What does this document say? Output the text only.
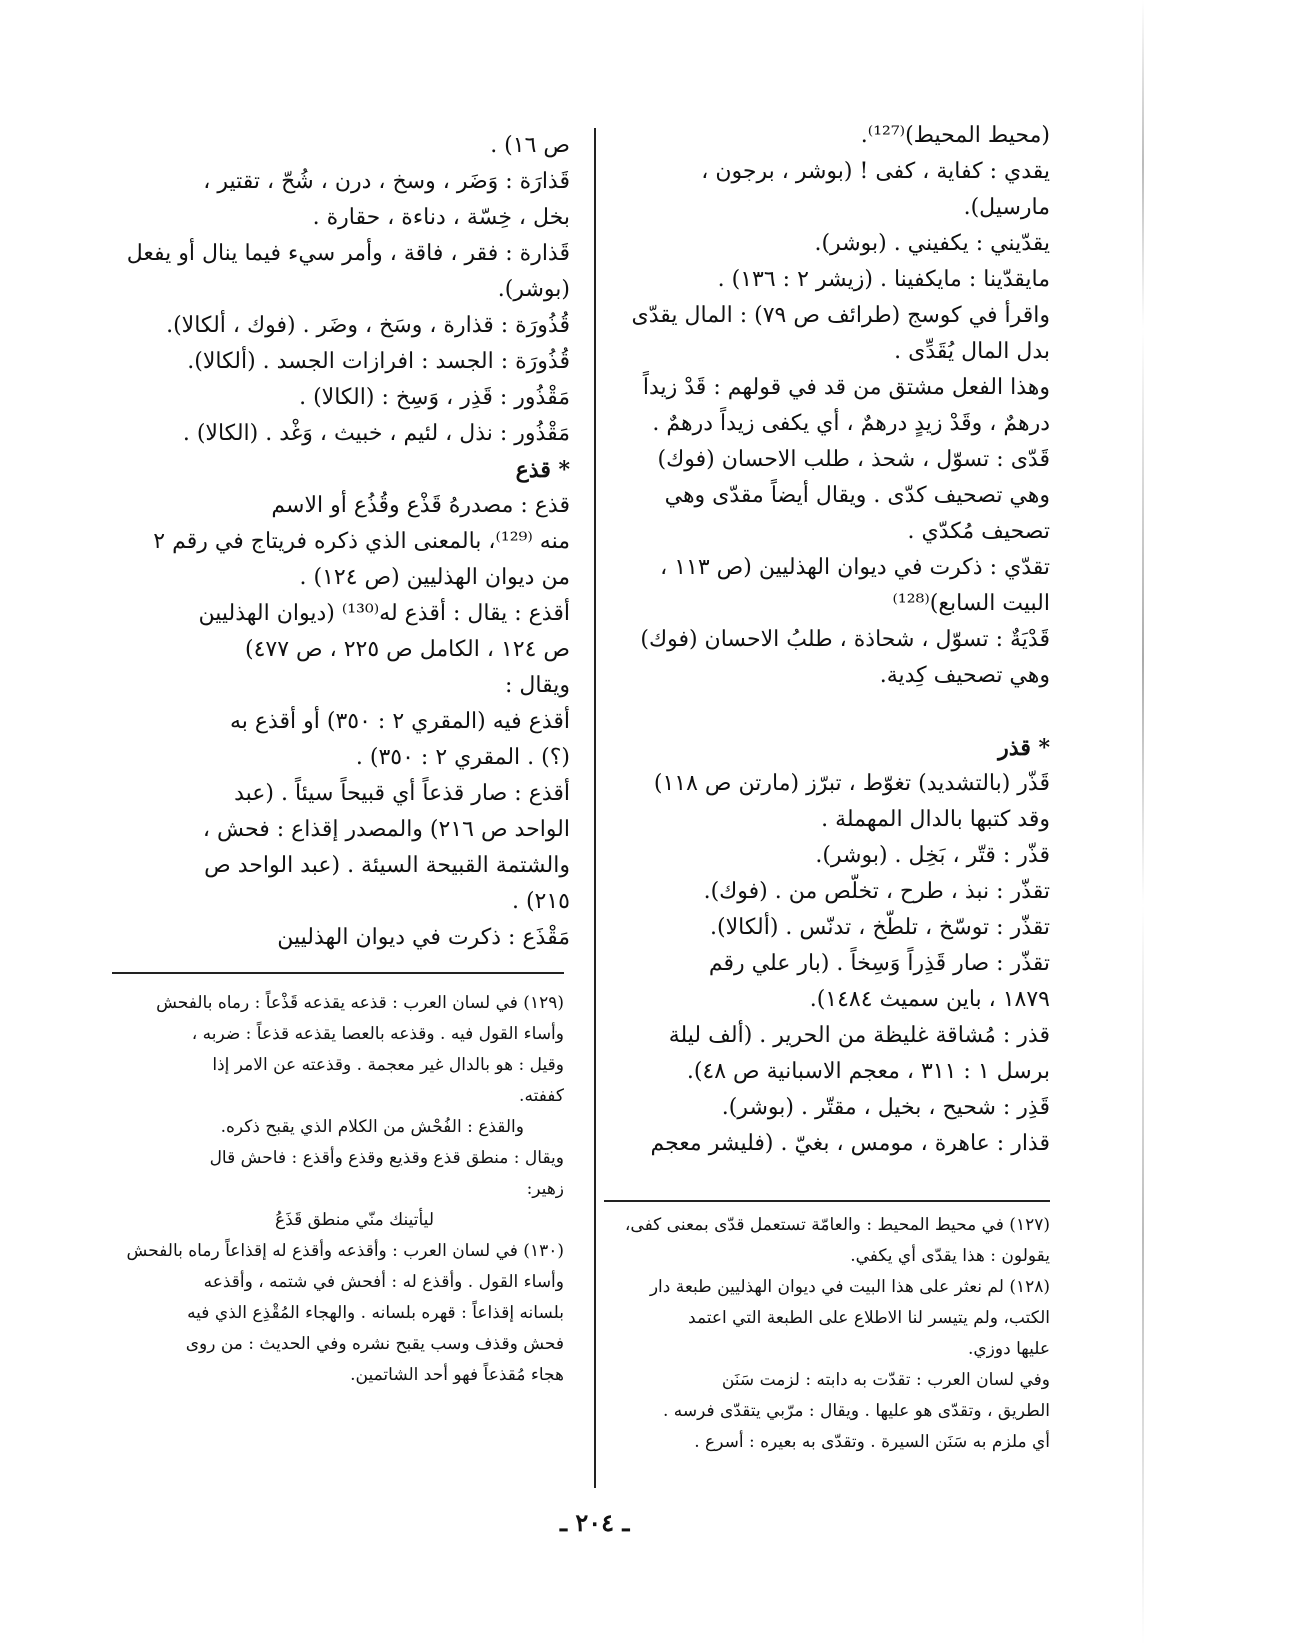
(محيط المحيط)⁽¹²⁷⁾.
يقدي : كفاية ، كفى ! (بوشر ، برجون ،
مارسيل).
يقدّيني : يكفيني . (بوشر).
مايقدّينا : مايكفينا . (زيشر ٢ : ١٣٦) .
واقرأ في كوسج (طرائف ص ٧٩) : المال يقدّى
بدل المال يُقَدِّى .
وهذا الفعل مشتق من قد في قولهم : قَدْ زيداً
درهمٌ ، وقَدْ زيدٍ درهمٌ ، أي يكفى زيداً درهمٌ .
قَدّى : تسوّل ، شحذ ، طلب الاحسان (فوك)
وهي تصحيف كدّى . ويقال أيضاً مقدّى وهي
تصحيف مُكدّي .
تقدّي : ذكرت في ديوان الهذليين (ص ١١٣ ،
البيت السابع)⁽¹²⁸⁾
قَدْيَةٌ : تسوّل ، شحاذة ، طلبُ الاحسان (فوك)
وهي تصحيف كِدية.
* قذر
قَذّر (بالتشديد) تغوّط ، تبرّز (مارتن ص ١١٨)
وقد كتبها بالدال المهملة .
قذّر : قتّر ، بَخِل . (بوشر).
تقذّر : نبذ ، طرح ، تخلّص من . (فوك).
تقذّر : توسّخ ، تلطّخ ، تدنّس . (ألكالا).
تقذّر : صار قَذِراً وَسِخاً . (بار علي رقم
١٨٧٩ ، باين سميث ١٤٨٤).
قذر : مُشاقة غليظة من الحرير . (ألف ليلة
برسل ١ : ٣١١ ، معجم الاسبانية ص ٤٨).
قَذِر : شحيح ، بخيل ، مقتّر . (بوشر).
قذار : عاهرة ، مومس ، بغيّ . (فليشر معجم
ص ١٦) .
قَذارَة : وَضَر ، وسخ ، درن ، شُحّ ، تقتير ،
بخل ، خِسّة ، دناءة ، حقارة .
قَذارة : فقر ، فاقة ، وأمر سيء فيما ينال أو يفعل
(بوشر).
قُذُورَة : قذارة ، وسَخ ، وضَر . (فوك ، ألكالا).
قُذُورَة : الجسد : افرازات الجسد . (ألكالا).
مَقْذُور : قَذِر ، وَسِخ : (الكالا) .
مَقْذُور : نذل ، لئيم ، خبيث ، وَغْد . (الكالا) .
* قذع
قذع : مصدرهُ قَذْع وقُذُع أو الاسم
منه ⁽¹²⁹⁾، بالمعنى الذي ذكره فريتاج في رقم ٢
من ديوان الهذليين (ص ١٢٤) .
أقذع : يقال : أقذع له⁽¹³⁰⁾ (ديوان الهذليين
ص ١٢٤ ، الكامل ص ٢٢٥ ، ص ٤٧٧)
ويقال :
أقذع فيه (المقري ٢ : ٣٥٠) أو أقذع به
(؟) . المقري ٢ : ٣٥٠) .
أقذع : صار قذعاً أي قبيحاً سيئاً . (عبد
الواحد ص ٢١٦) والمصدر إقذاع : فحش ،
والشتمة القبيحة السيئة . (عبد الواحد ص
٢١٥) .
مَقْذَع : ذكرت في ديوان الهذليين
(١٢٩) في لسان العرب : قذعه يقذعه قَذْعاً : رماه بالفحش
وأساء القول فيه . وقذعه بالعصا يقذعه قذعاً : ضربه ،
وقيل : هو بالدال غير معجمة . وقذعته عن الامر إذا
كففته.
والقذع : الفُحْش من الكلام الذي يقبح ذكره.
ويقال : منطق قذع وقذيع وقذع وأقذع : فاحش قال
زهير:
ليأتينك منّي منطق قَذَعُ
(١٣٠) في لسان العرب : وأقذعه وأقذع له إقذاعاً رماه بالفحش
وأساء القول . وأقذع له : أفحش في شتمه ، وأقذعه
بلسانه إقذاعاً : قهره بلسانه . والهجاء المُقْذِع الذي فيه
فحش وقذف وسب يقبح نشره وفي الحديث : من روى
هجاء مُقذعاً فهو أحد الشاتمين.
(١٢٧) في محيط المحيط : والعامّة تستعمل قدّى بمعنى كفى،
يقولون : هذا يقدّى أي يكفي.
(١٢٨) لم نعثر على هذا البيت في ديوان الهذليين طبعة دار
الكتب، ولم يتيسر لنا الاطلاع على الطبعة التي اعتمد
عليها دوزي.
وفي لسان العرب : تقدّت به دابته : لزمت سَنَن
الطريق ، وتقدّى هو عليها . ويقال : مرّبي يتقدّى فرسه .
أي ملزم به سَنَن السيرة . وتقدّى به بعيره : أسرع .
ـ ٢٠٤ ـ
